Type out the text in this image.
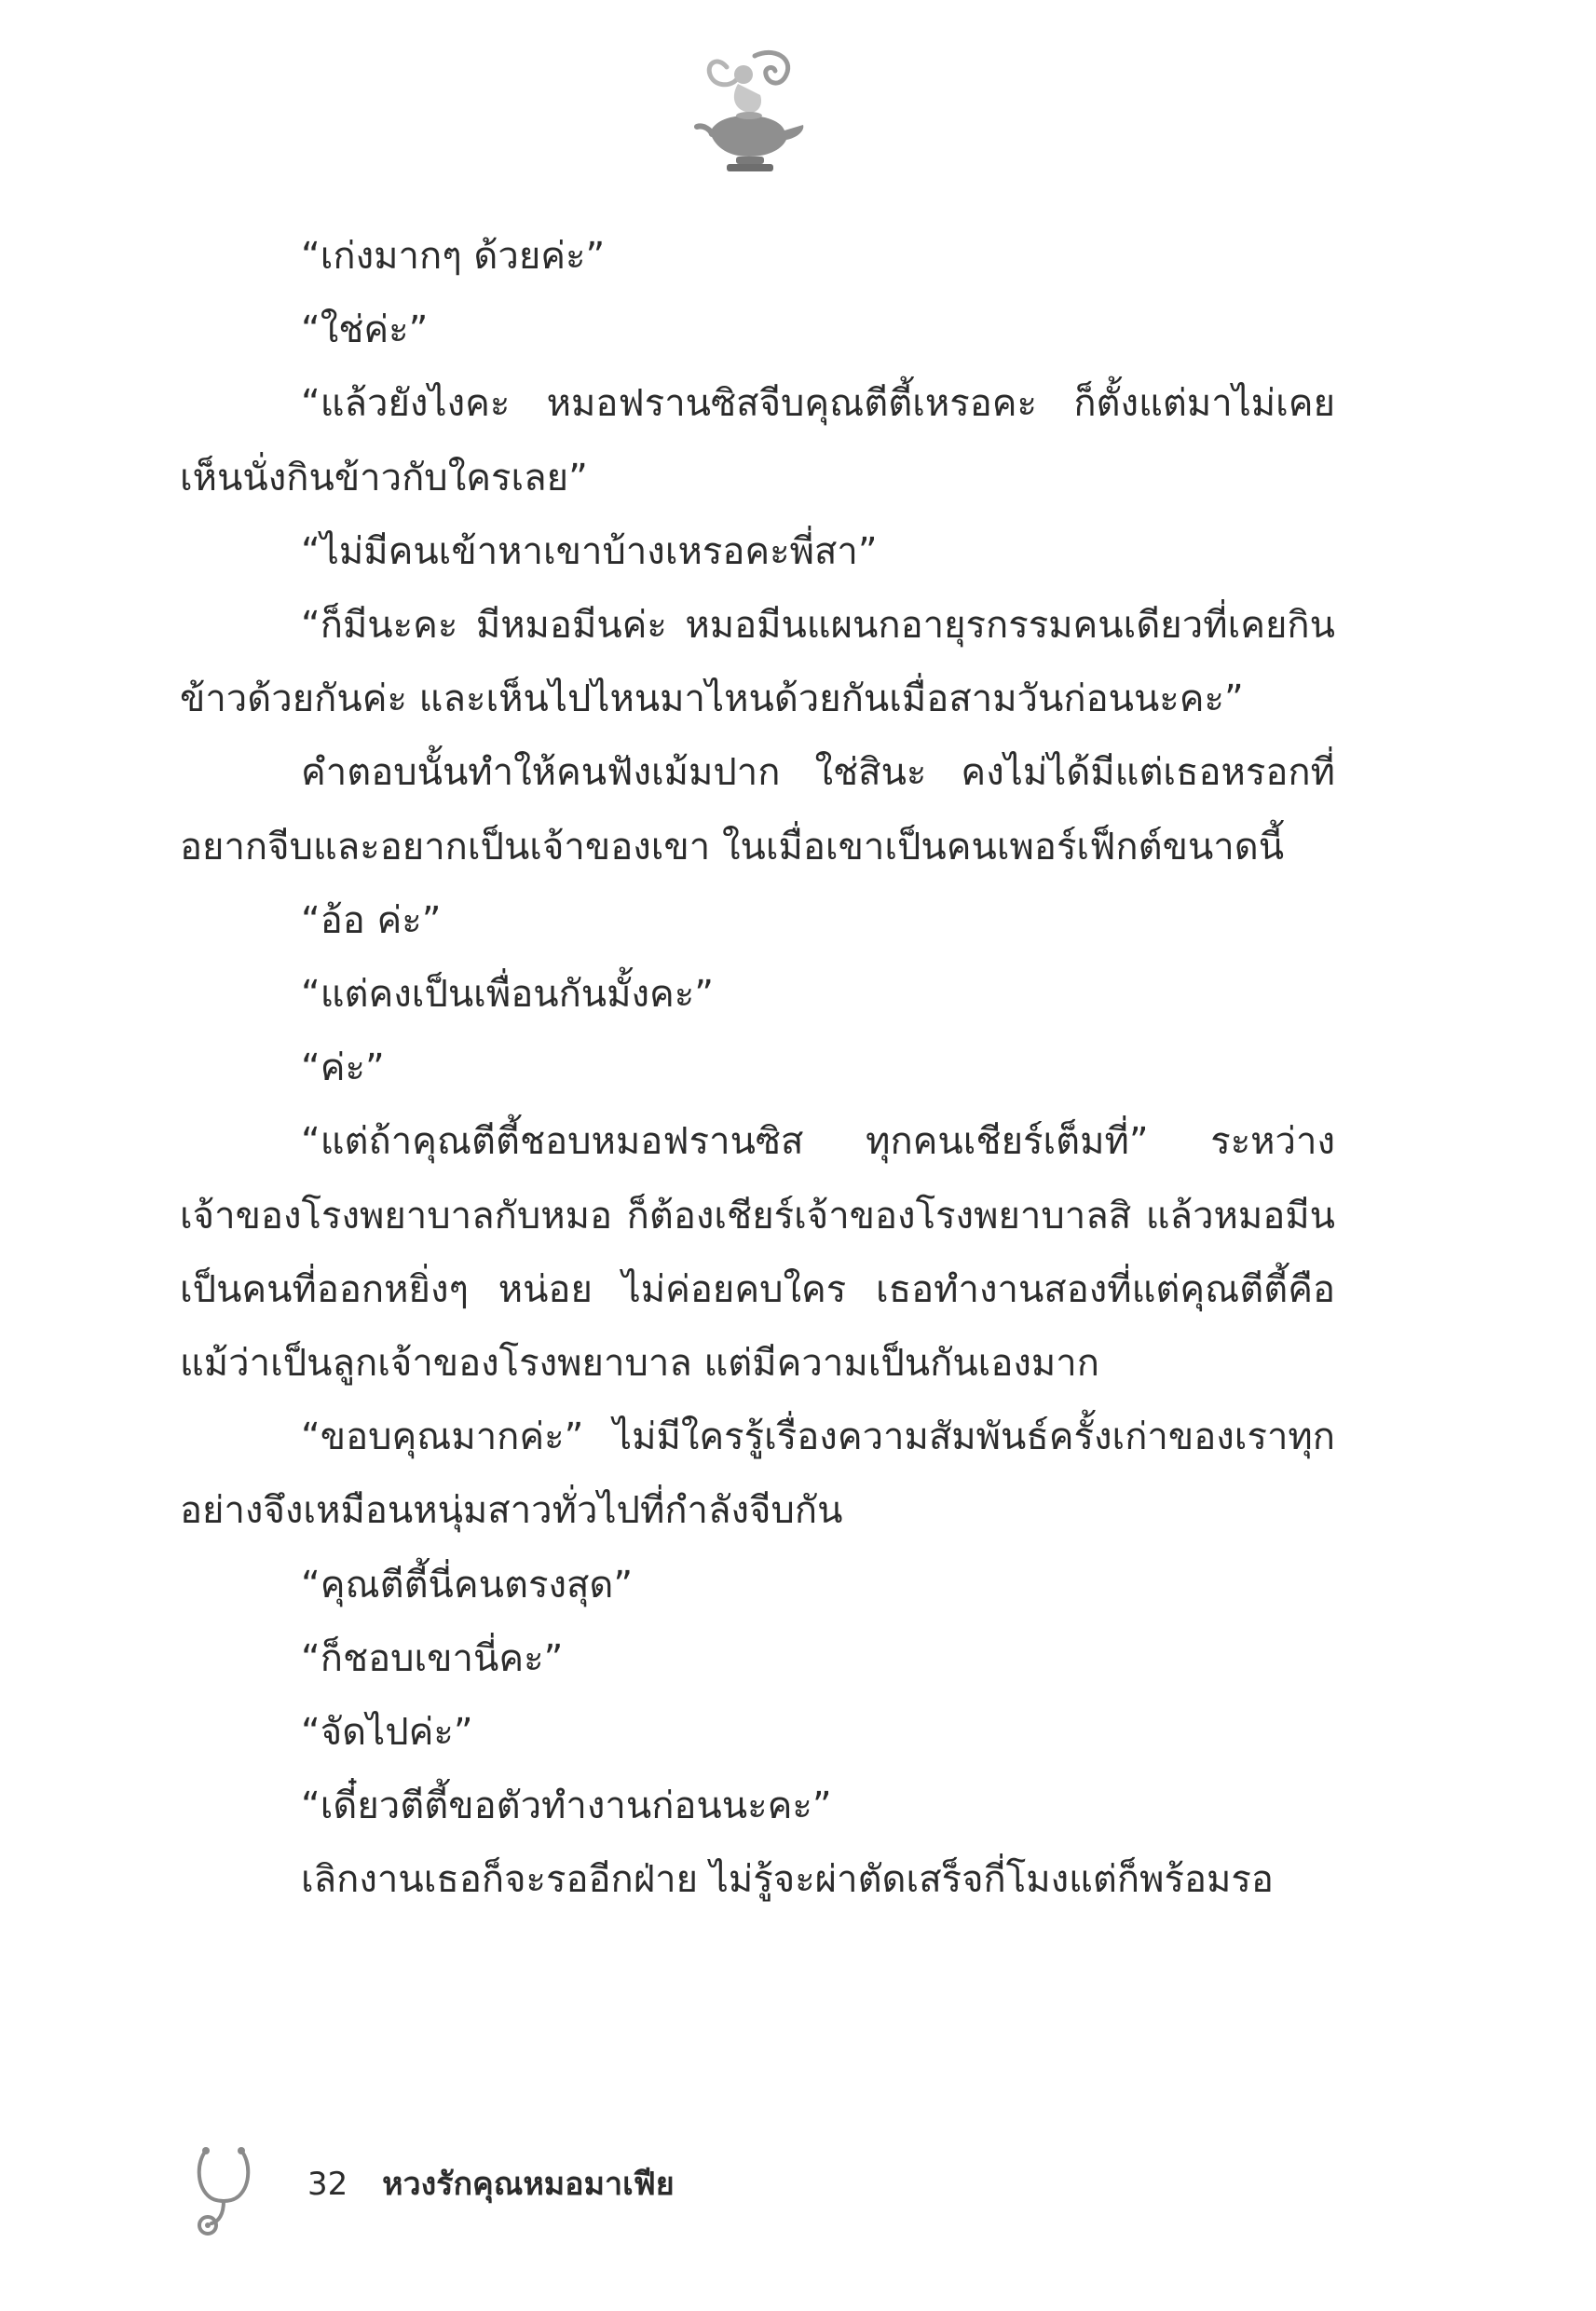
“เก่งมากๆ ด้วยค่ะ”

“ใช่ค่ะ”

“แล้วยังไงคะ หมอฟรานซิสจีบคุณตีตี้เหรอคะ ก็ตั้งแต่มาไม่เคยเห็นนั่งกินข้าวกับใครเลย”

“ไม่มีคนเข้าหาเขาบ้างเหรอคะพี่สา”

“ก็มีนะคะ มีหมอมีนค่ะ หมอมีนแผนกอายุรกรรมคนเดียวที่เคยกินข้าวด้วยกันค่ะ และเห็นไปไหนมาไหนด้วยกันเมื่อสามวันก่อนนะคะ”

คำตอบนั้นทำให้คนฟังเม้มปาก ใช่สินะ คงไม่ได้มีแต่เธอหรอกที่อยากจีบและอยากเป็นเจ้าของเขา ในเมื่อเขาเป็นคนเพอร์เฟ็กต์ขนาดนี้

“อ้อ ค่ะ”

“แต่คงเป็นเพื่อนกันมั้งคะ”

“ค่ะ”

“แต่ถ้าคุณตีตี้ชอบหมอฟรานซิส ทุกคนเชียร์เต็มที่” ระหว่างเจ้าของโรงพยาบาลกับหมอ ก็ต้องเชียร์เจ้าของโรงพยาบาลสิ แล้วหมอมีนเป็นคนที่ออกหยิ่งๆ หน่อย ไม่ค่อยคบใคร เธอทำงานสองที่แต่คุณตีตี้คือแม้ว่าเป็นลูกเจ้าของโรงพยาบาล แต่มีความเป็นกันเองมาก

“ขอบคุณมากค่ะ” ไม่มีใครรู้เรื่องความสัมพันธ์ครั้งเก่าของเราทุกอย่างจึงเหมือนหนุ่มสาวทั่วไปที่กำลังจีบกัน

“คุณตีตี้นี่คนตรงสุด”

“ก็ชอบเขานี่คะ”

“จัดไปค่ะ”

“เดี๋ยวตีตี้ขอตัวทำงานก่อนนะคะ”

เลิกงานเธอก็จะรออีกฝ่าย ไม่รู้จะผ่าตัดเสร็จกี่โมงแต่ก็พร้อมรอ

32 หวงรักคุณหมอมาเฟีย
